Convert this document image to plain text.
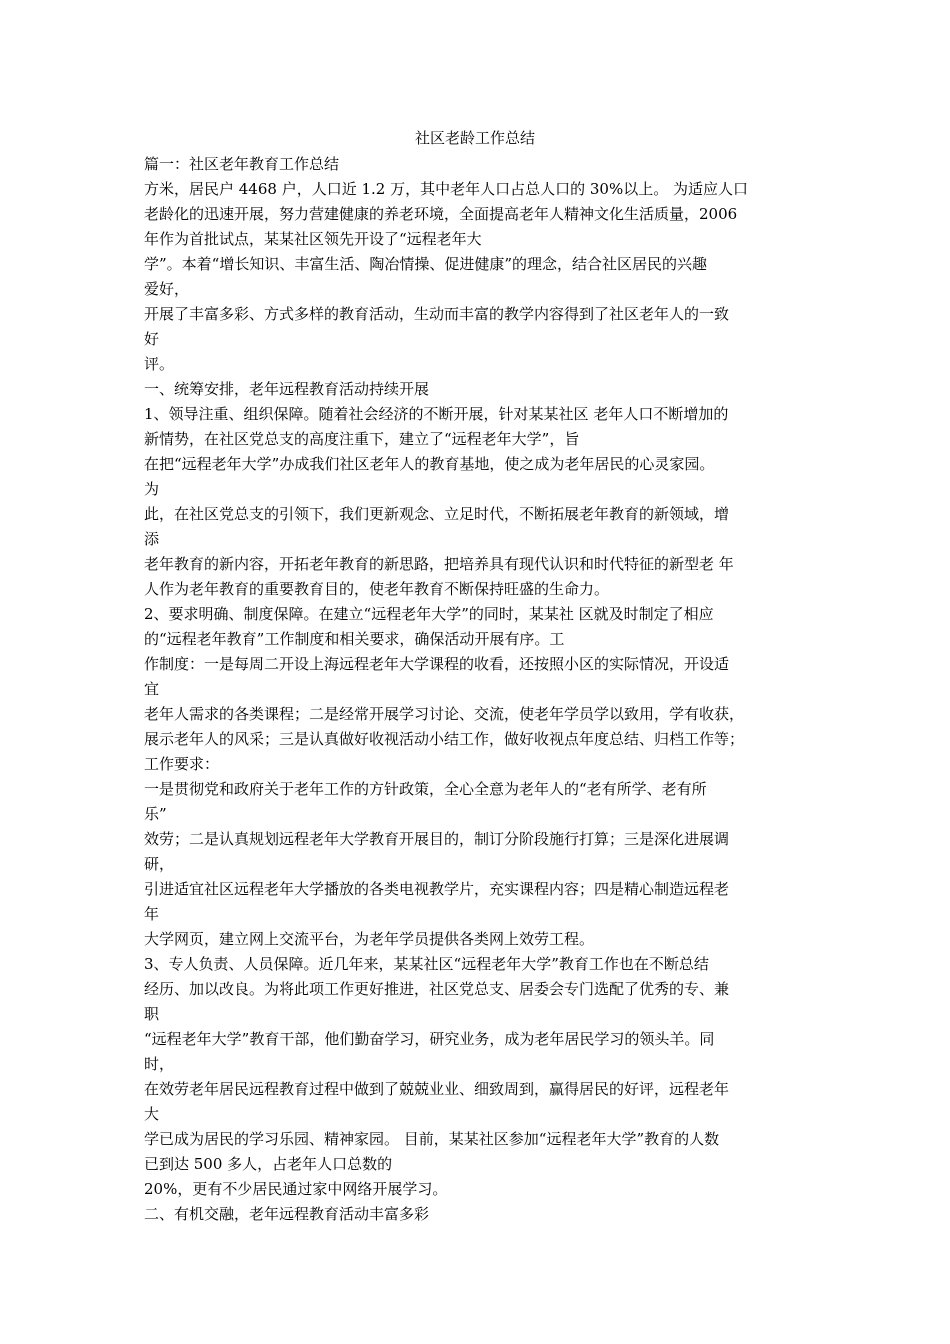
社区老龄工作总结
篇一：社区老年教育工作总结
方米，居民户 4468 户，人口近 1.2 万，其中老年人口占总人口的 30%以上。 为适应人口
老龄化的迅速开展，努力营建健康的养老环境，全面提高老年人精神文化生活质量，2006
年作为首批试点，某某社区领先开设了“远程老年大
学”。本着“增长知识、丰富生活、陶冶情操、促进健康”的理念，结合社区居民的兴趣
爱好，
开展了丰富多彩、方式多样的教育活动，生动而丰富的教学内容得到了社区老年人的一致
好
评。
一、统筹安排，老年远程教育活动持续开展
1、领导注重、组织保障。随着社会经济的不断开展，针对某某社区 老年人口不断增加的
新情势，在社区党总支的高度注重下，建立了“远程老年大学”，旨
在把“远程老年大学”办成我们社区老年人的教育基地，使之成为老年居民的心灵家园。
为
此，在社区党总支的引领下，我们更新观念、立足时代，不断拓展老年教育的新领域，增
添
老年教育的新内容，开拓老年教育的新思路，把培养具有现代认识和时代特征的新型老 年
人作为老年教育的重要教育目的，使老年教育不断保持旺盛的生命力。
2、要求明确、制度保障。在建立“远程老年大学”的同时，某某社 区就及时制定了相应
的“远程老年教育”工作制度和相关要求，确保活动开展有序。工
作制度：一是每周二开设上海远程老年大学课程的收看，还按照小区的实际情况，开设适
宜
老年人需求的各类课程；二是经常开展学习讨论、交流，使老年学员学以致用，学有收获，
展示老年人的风采；三是认真做好收视活动小结工作，做好收视点年度总结、归档工作等；
工作要求：
一是贯彻党和政府关于老年工作的方针政策，全心全意为老年人的“老有所学、老有所
乐”
效劳；二是认真规划远程老年大学教育开展目的，制订分阶段施行打算；三是深化进展调
研，
引进适宜社区远程老年大学播放的各类电视教学片，充实课程内容；四是精心制造远程老
年
大学网页，建立网上交流平台，为老年学员提供各类网上效劳工程。
3、专人负责、人员保障。近几年来，某某社区“远程老年大学”教育工作也在不断总结
经历、加以改良。为将此项工作更好推进，社区党总支、居委会专门选配了优秀的专、兼
职
“远程老年大学”教育干部，他们勤奋学习，研究业务，成为老年居民学习的领头羊。同
时，
在效劳老年居民远程教育过程中做到了兢兢业业、细致周到，赢得居民的好评，远程老年
大
学已成为居民的学习乐园、精神家园。 目前，某某社区参加“远程老年大学”教育的人数
已到达 500 多人，占老年人口总数的
20%，更有不少居民通过家中网络开展学习。
二、有机交融，老年远程教育活动丰富多彩
